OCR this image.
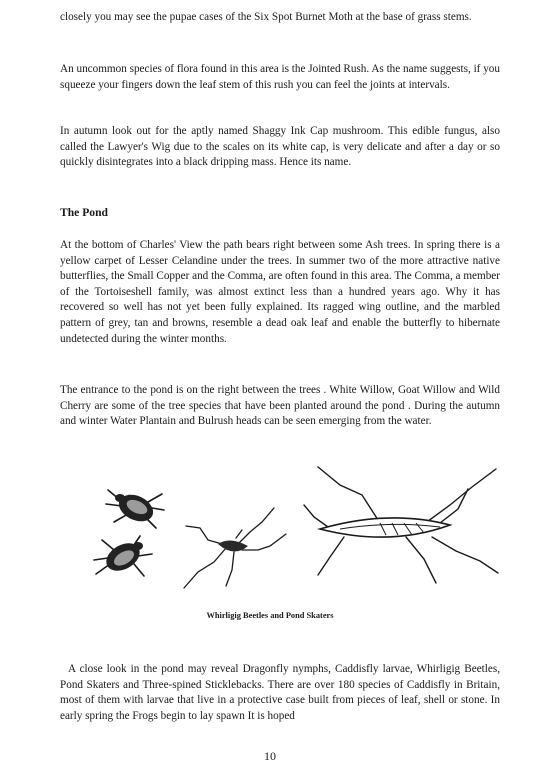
closely you may see the pupae cases of the Six Spot Burnet Moth at the base of grass stems.

An uncommon species of flora found in this area is the Jointed Rush. As the name suggests, if you squeeze your fingers down the leaf stem of this rush you can feel the joints at intervals.

In autumn look out for the aptly named Shaggy Ink Cap mushroom. This edible fungus, also called the Lawyer's Wig due to the scales on its white cap, is very delicate and after a day or so quickly disintegrates into a black dripping mass. Hence its name.

The Pond

At the bottom of Charles' View the path bears right between some Ash trees. In spring there is a yellow carpet of Lesser Celandine under the trees. In summer two of the more attractive native butterflies, the Small Copper and the Comma, are often found in this area. The Comma, a member of the Tortoiseshell family, was almost extinct less than a hundred years ago. Why it has recovered so well has not yet been fully explained. Its ragged wing outline, and the marbled pattern of grey, tan and browns, resemble a dead oak leaf and enable the butterfly to hibernate undetected during the winter months.

The entrance to the pond is on the right between the trees . White Willow, Goat Willow and Wild Cherry are some of the tree species that have been planted around the pond . During the autumn and winter Water Plantain and Bulrush heads can be seen emerging from the water.

Whirligig Beetles and Pond Skaters

A close look in the pond may reveal Dragonfly nymphs, Caddisfly larvae, Whirligig Beetles, Pond Skaters and Three-spined Sticklebacks. There are over 180 species of Caddisfly in Britain, most of them with larvae that live in a protective case built from pieces of leaf, shell or stone. In early spring the Frogs begin to lay spawn It is hoped

10
